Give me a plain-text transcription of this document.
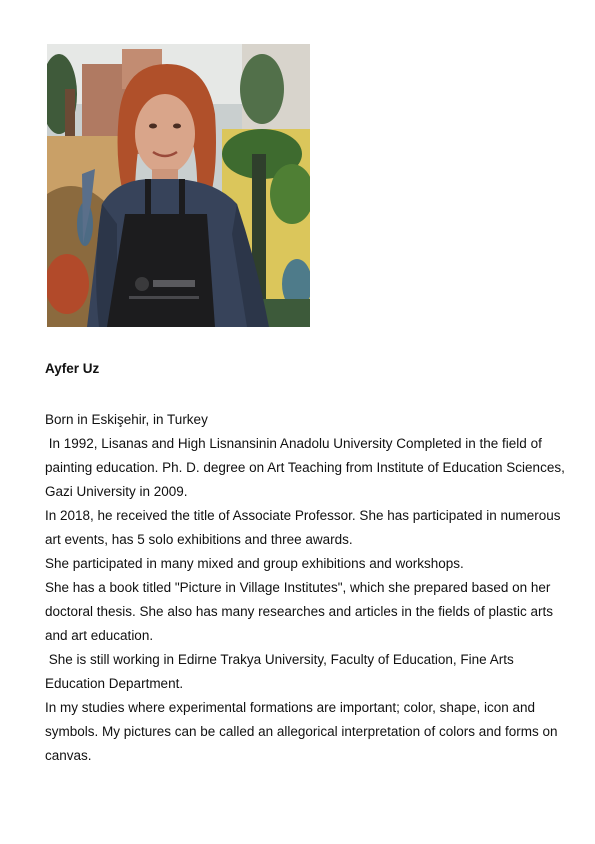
Ayfer Uz

Born in Eskişehir, in Turkey

In 1992, Lisanas and High Lisnansinin Anadolu University Completed in the field of painting education. Ph. D. degree on Art Teaching from Institute of Education Sciences, Gazi University in 2009.

In 2018, he received the title of Associate Professor. She has participated in numerous art events, has 5 solo exhibitions and three awards.

She participated in many mixed and group exhibitions and workshops.

She has a book titled "Picture in Village Institutes", which she prepared based on her doctoral thesis. She also has many researches and articles in the fields of plastic arts and art education.

She is still working in Edirne Trakya University, Faculty of Education, Fine Arts Education Department.

In my studies where experimental formations are important; color, shape, icon and symbols. My pictures can be called an allegorical interpretation of colors and forms on canvas.
